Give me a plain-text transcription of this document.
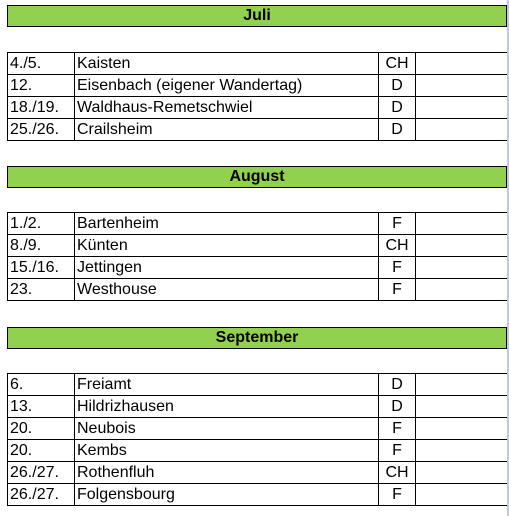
Juli
4./5.	Kaisten	CH	
12.	Eisenbach (eigener Wandertag)	D	
18./19.	Waldhaus-Remetschwiel	D	
25./26.	Crailsheim	D	
August
1./2.	Bartenheim	F	
8./9.	Künten	CH	
15./16.	Jettingen	F	
23.	Westhouse	F	
September
6.	Freiamt	D	
13.	Hildrizhausen	D	
20.	Neubois	F	
20.	Kembs	F	
26./27.	Rothenfluh	CH	
26./27.	Folgensbourg	F	
